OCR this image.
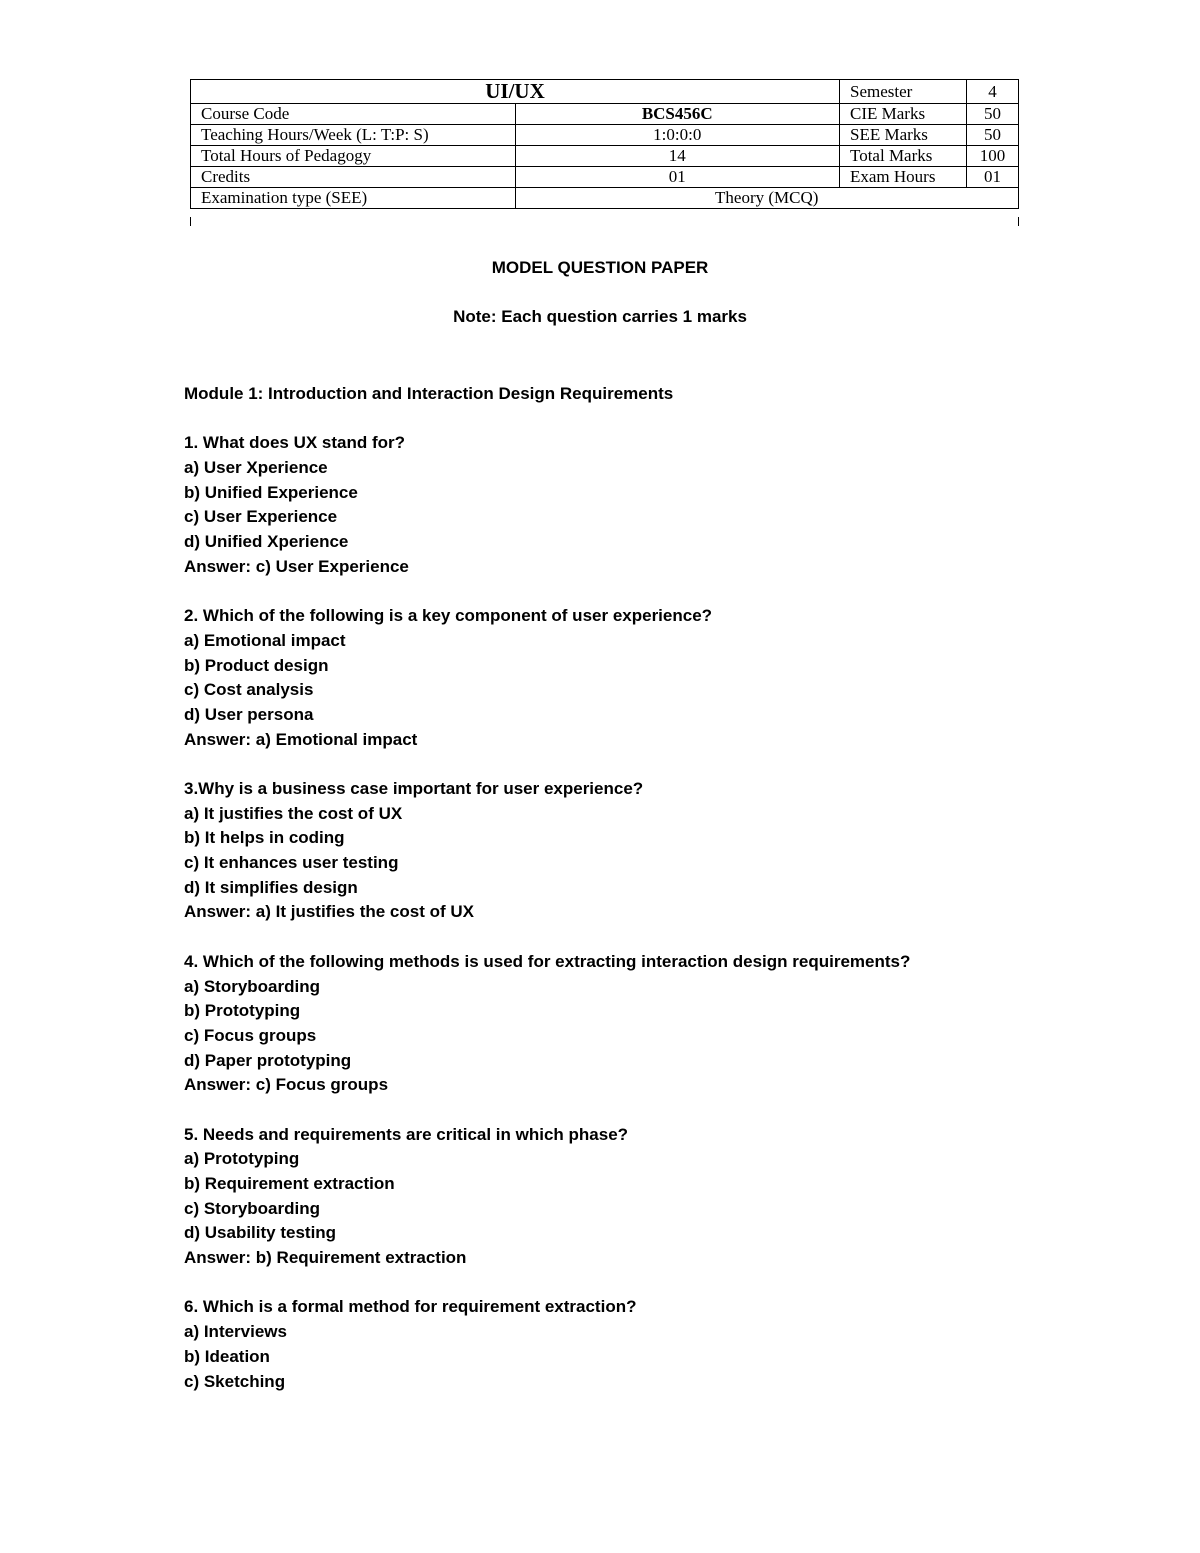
UI/UX		Semester	4
Course Code	BCS456C	CIE Marks	50
Teaching Hours/Week (L: T:P: S)	1:0:0:0	SEE Marks	50
Total Hours of Pedagogy	14	Total Marks	100
Credits	01	Exam Hours	01
Examination type (SEE)	Theory (MCQ)		
MODEL QUESTION PAPER
Note: Each question carries 1 marks
Module 1: Introduction and Interaction Design Requirements
1. What does UX stand for?
a) User Xperience
b) Unified Experience
c) User Experience
d) Unified Xperience
Answer: c) User Experience
2. Which of the following is a key component of user experience?
a) Emotional impact
b) Product design
c) Cost analysis
d) User persona
Answer: a) Emotional impact
3.Why is a business case important for user experience?
a) It justifies the cost of UX
b) It helps in coding
c) It enhances user testing
d) It simplifies design
Answer: a) It justifies the cost of UX
4. Which of the following methods is used for extracting interaction design requirements?
a) Storyboarding
b) Prototyping
c) Focus groups
d) Paper prototyping
Answer: c) Focus groups
5. Needs and requirements are critical in which phase?
a) Prototyping
b) Requirement extraction
c) Storyboarding
d) Usability testing
Answer: b) Requirement extraction
6. Which is a formal method for requirement extraction?
a) Interviews
b) Ideation
c) Sketching
